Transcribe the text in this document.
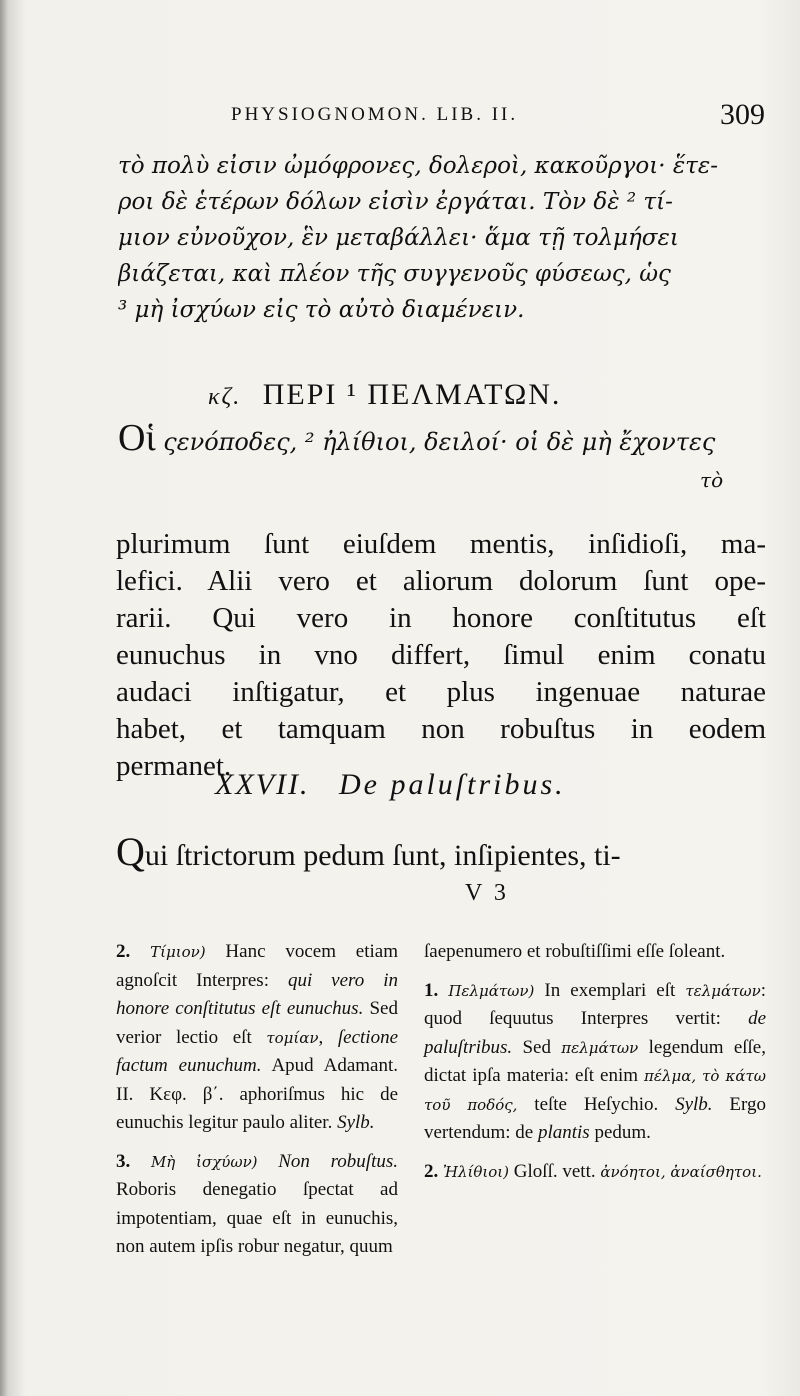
PHYSIOGNOMON. LIB. II.	309
τὸ πολὺ εἰσιν ὠμόφρονες, δολεροὶ, κακοῦργοι· ἕτε-
ροι δὲ ἑτέρων δόλων εἰσὶν ἐργάται. Τὸν δὲ ² τί-
μιον εὐνοῦχον, ἓν μεταβάλλει· ἅμα τῇ τολμήσει
βιάζεται, καὶ πλέον τῆς συγγενοῦς φύσεως, ὡς
³ μὴ ἰσχύων εἰς τὸ αὐτὸ διαμένειν.
κζ. ΠΕΡΙ ¹ ΠΕΛΜΑΤΩΝ.
Oἱ ςενόποδες, ² ἠλίθιοι, δειλοί· οἱ δὲ μὴ ἔχοντες
τὸ
plurimum ſunt eiuſdem mentis, inſidioſi, ma-
lefici. Alii vero et aliorum dolorum ſunt ope-
rarii. Qui vero in honore conſtitutus eſt
eunuchus in vno differt, ſimul enim conatu
audaci inſtigatur, et plus ingenuae naturae
habet, et tamquam non robuſtus in eodem
permanet.
XXVII. De paluſtribus.
Qui ſtrictorum pedum ſunt, inſipientes, ti-
V 3
2. Τίμιον) Hanc vocem etiam agnoſcit Interpres: qui vero in honore conſtitutus eſt eunuchus. Sed verior lectio eſt τομίαν, ſectione factum eunuchum. Apud Adamant. II. Κεφ. β΄. aphoriſmus hic de eunuchis legitur paulo aliter. Sylb.
3. Μὴ ἰσχύων) Non robuſtus. Roboris denegatio ſpectat ad impotentiam, quae eſt in eunuchis, non autem ipſis robur negatur, quum
ſaepenumero et robuſtiſſimi eſſe ſoleant.
1. Πελμάτων) In exemplari eſt τελμάτων: quod ſequutus Interpres vertit: de paluſtribus. Sed πελμάτων legendum eſſe, dictat ipſa materia: eſt enim πέλμα, τὸ κάτω τοῦ ποδός, teſte Heſychio. Sylb. Ergo vertendum: de plantis pedum.
2. Ἠλίθιοι) Gloſſ. vett. ἀνόητοι, ἀναίσθητοι.
